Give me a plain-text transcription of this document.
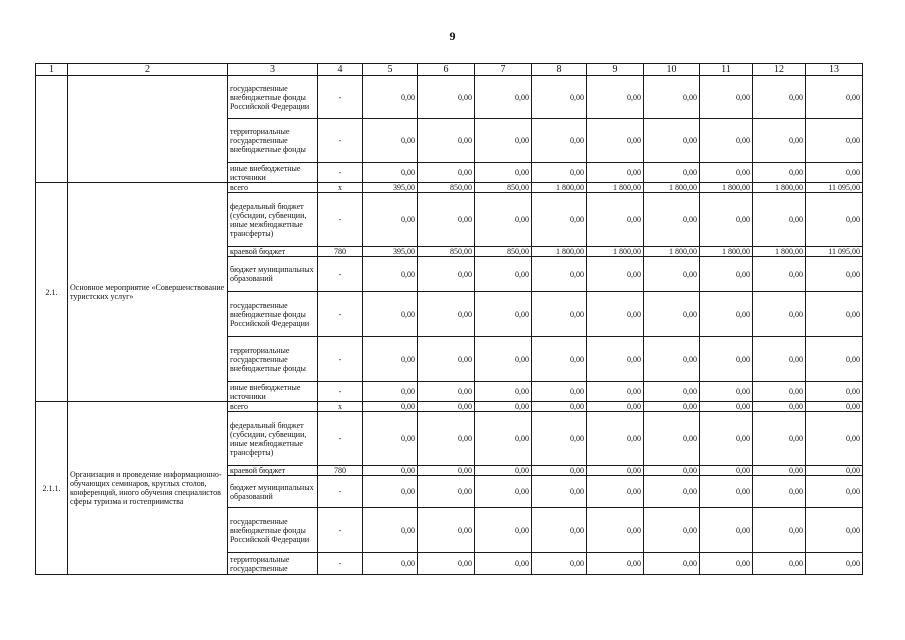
9
1	2	3	4	5	6	7	8	9	10	11	12	13
		государственные внебюджетные фонды Российской Федерации	-	0,00	0,00	0,00	0,00	0,00	0,00	0,00	0,00	0,00
		территориальные государственные внебюджетные фонды	-	0,00	0,00	0,00	0,00	0,00	0,00	0,00	0,00	0,00
		иные внебюджетные источники	-	0,00	0,00	0,00	0,00	0,00	0,00	0,00	0,00	0,00
2.1.	Основное мероприятие «Совершенствование туристских услуг»	всего	х	395,00	850,00	850,00	1 800,00	1 800,00	1 800,00	1 800,00	1 800,00	11 095,00
		федеральный бюджет (субсидии, субвенции, иные межбюджетные трансферты)	-	0,00	0,00	0,00	0,00	0,00	0,00	0,00	0,00	0,00
		краевой бюджет	780	395,00	850,00	850,00	1 800,00	1 800,00	1 800,00	1 800,00	1 800,00	11 095,00
		бюджет муниципальных образований	-	0,00	0,00	0,00	0,00	0,00	0,00	0,00	0,00	0,00
		государственные внебюджетные фонды Российской Федерации	-	0,00	0,00	0,00	0,00	0,00	0,00	0,00	0,00	0,00
		территориальные государственные внебюджетные фонды	-	0,00	0,00	0,00	0,00	0,00	0,00	0,00	0,00	0,00
		иные внебюджетные источники	-	0,00	0,00	0,00	0,00	0,00	0,00	0,00	0,00	0,00
2.1.1.	Организация и проведение информационно-обучающих семинаров, круглых столов, конференций, иного обучения специалистов сферы туризма и гостеприимства	всего	х	0,00	0,00	0,00	0,00	0,00	0,00	0,00	0,00	0,00
		федеральный бюджет (субсидии, субвенции, иные межбюджетные трансферты)	-	0,00	0,00	0,00	0,00	0,00	0,00	0,00	0,00	0,00
		краевой бюджет	780	0,00	0,00	0,00	0,00	0,00	0,00	0,00	0,00	0,00
		бюджет муниципальных образований	-	0,00	0,00	0,00	0,00	0,00	0,00	0,00	0,00	0,00
		государственные внебюджетные фонды Российской Федерации	-	0,00	0,00	0,00	0,00	0,00	0,00	0,00	0,00	0,00
		территориальные государственные	-	0,00	0,00	0,00	0,00	0,00	0,00	0,00	0,00	0,00
